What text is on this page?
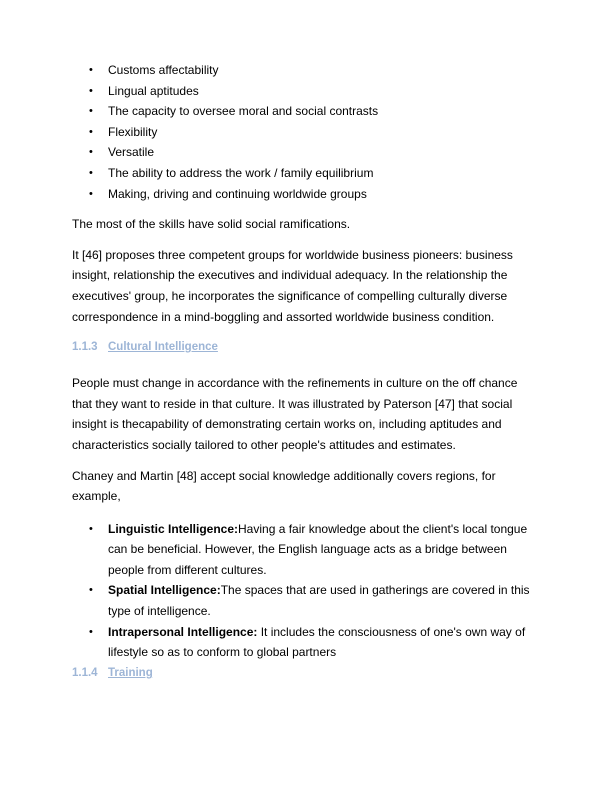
• Customs affectability
• Lingual aptitudes
• The capacity to oversee moral and social contrasts
• Flexibility
• Versatile
• The ability to address the work / family equilibrium
• Making, driving and continuing worldwide groups

The most of the skills have solid social ramifications.

It [46] proposes three competent groups for worldwide business pioneers: business insight, relationship the executives and individual adequacy. In the relationship the executives' group, he incorporates the significance of compelling culturally diverse correspondence in a mind-boggling and assorted worldwide business condition.

1.1.3 Cultural Intelligence

People must change in accordance with the refinements in culture on the off chance that they want to reside in that culture. It was illustrated by Paterson [47] that social insight is thecapability of demonstrating certain works on, including aptitudes and characteristics socially tailored to other people's attitudes and estimates.

Chaney and Martin [48] accept social knowledge additionally covers regions, for example,

• Linguistic Intelligence:Having a fair knowledge about the client's local tongue can be beneficial. However, the English language acts as a bridge between people from different cultures.
• Spatial Intelligence:The spaces that are used in gatherings are covered in this type of intelligence.
• Intrapersonal Intelligence: It includes the consciousness of one's own way of lifestyle so as to conform to global partners
1.1.4 Training
